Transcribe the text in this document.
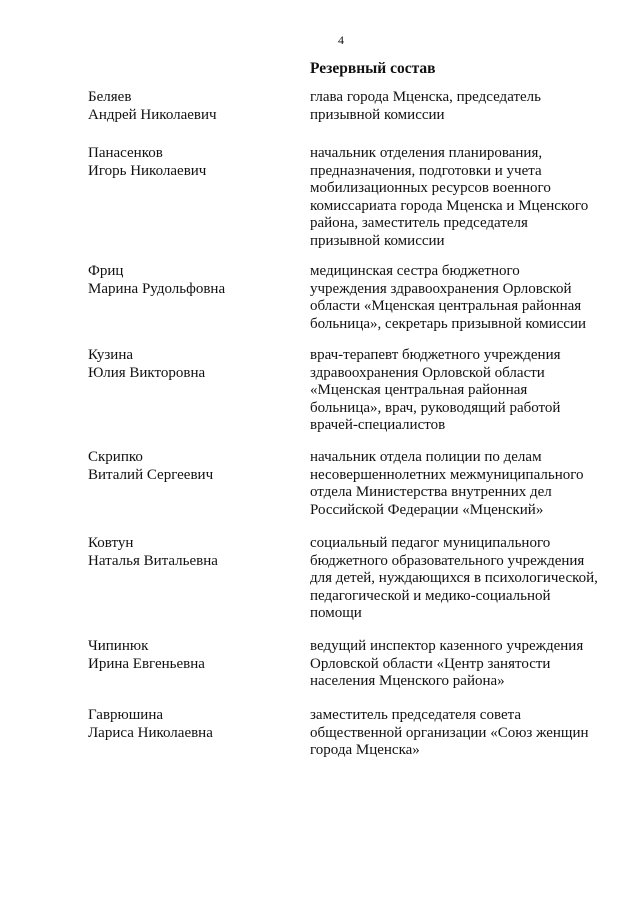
4
Резервный состав
Беляев
Андрей Николаевич
глава города Мценска, председатель
призывной комиссии
Панасенков
Игорь Николаевич
начальник отделения планирования,
предназначения, подготовки и учета
мобилизационных ресурсов военного
комиссариата города Мценска и Мценского
района, заместитель председателя
призывной комиссии
Фриц
Марина Рудольфовна
медицинская сестра бюджетного
учреждения здравоохранения Орловской
области «Мценская центральная районная
больница», секретарь призывной комиссии
Кузина
Юлия Викторовна
врач-терапевт бюджетного учреждения
здравоохранения Орловской области
«Мценская центральная районная
больница», врач, руководящий работой
врачей-специалистов
Скрипко
Виталий Сергеевич
начальник отдела полиции по делам
несовершеннолетних межмуниципального
отдела Министерства внутренних дел
Российской Федерации «Мценский»
Ковтун
Наталья Витальевна
социальный педагог муниципального
бюджетного образовательного учреждения
для детей, нуждающихся в психологической,
педагогической и медико-социальной
помощи
Чипинюк
Ирина Евгеньевна
ведущий инспектор казенного учреждения
Орловской области «Центр занятости
населения Мценского района»
Гаврюшина
Лариса Николаевна
заместитель председателя совета
общественной организации «Союз женщин
города Мценска»
